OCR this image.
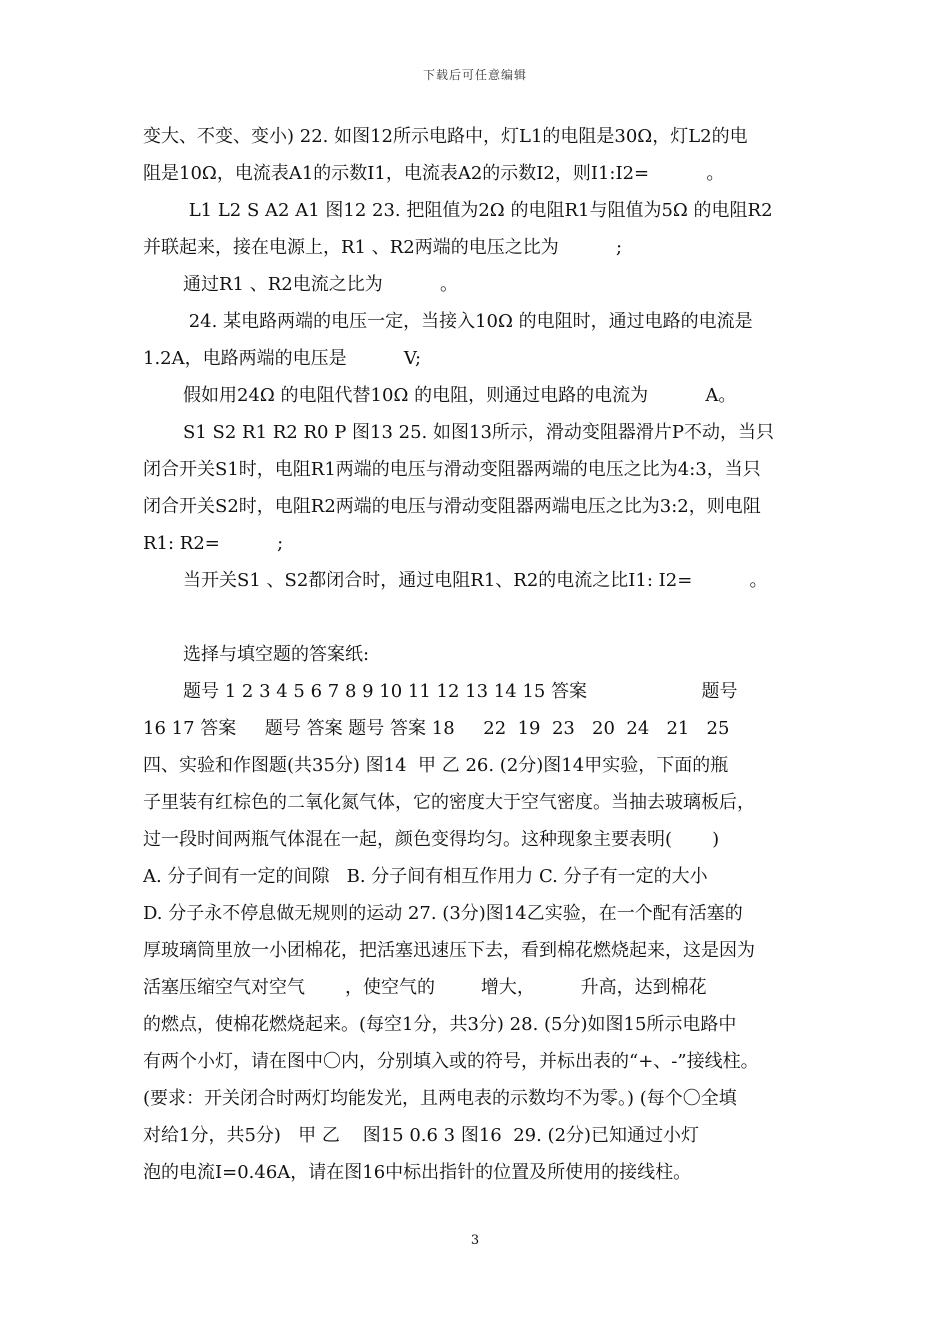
下载后可任意编辑
变大、不变、变小) 22. 如图12所示电路中，灯L1的电阻是30Ω，灯L2的电
阻是10Ω，电流表A1的示数I1，电流表A2的示数I2，则I1:I2=          。
L1 L2 S A2 A1 图12 23. 把阻值为2Ω 的电阻R1与阻值为5Ω 的电阻R2
并联起来，接在电源上，R1 、R2两端的电压之比为          ;
通过R1 、R2电流之比为          。
24. 某电路两端的电压一定，当接入10Ω 的电阻时，通过电路的电流是
1.2A，电路两端的电压是          V;
假如用24Ω 的电阻代替10Ω 的电阻，则通过电路的电流为          A。
S1 S2 R1 R2 R0 P 图13 25. 如图13所示，滑动变阻器滑片P不动，当只
闭合开关S1时，电阻R1两端的电压与滑动变阻器两端的电压之比为4:3，当只
闭合开关S2时，电阻R2两端的电压与滑动变阻器两端电压之比为3:2，则电阻
R1: R2=          ;
当开关S1 、S2都闭合时，通过电阻R1、R2的电流之比I1: I2=          。
选择与填空题的答案纸:
题号 1 2 3 4 5 6 7 8 9 10 11 12 13 14 15 答案                    题号
16 17 答案     题号 答案 题号 答案 18     22  19  23   20  24   21   25
四、实验和作图题(共35分) 图14  甲 乙 26. (2分)图14甲实验，下面的瓶
子里装有红棕色的二氧化氮气体，它的密度大于空气密度。当抽去玻璃板后，
过一段时间两瓶气体混在一起，颜色变得均匀。这种现象主要表明(       )
A. 分子间有一定的间隙   B. 分子间有相互作用力 C. 分子有一定的大小
D. 分子永不停息做无规则的运动 27. (3分)图14乙实验，在一个配有活塞的
厚玻璃筒里放一小团棉花，把活塞迅速压下去，看到棉花燃烧起来，这是因为
活塞压缩空气对空气       ，使空气的        增大，        升高，达到棉花
的燃点，使棉花燃烧起来。(每空1分，共3分) 28. (5分)如图15所示电路中
有两个小灯，请在图中〇内，分别填入或的符号，并标出表的“+、-”接线柱。
(要求：开关闭合时两灯均能发光，且两电表的示数均不为零。) (每个〇全填
对给1分，共5分)   甲 乙    图15 0.6 3 图16  29. (2分)已知通过小灯
泡的电流I=0.46A，请在图16中标出指针的位置及所使用的接线柱。
3
